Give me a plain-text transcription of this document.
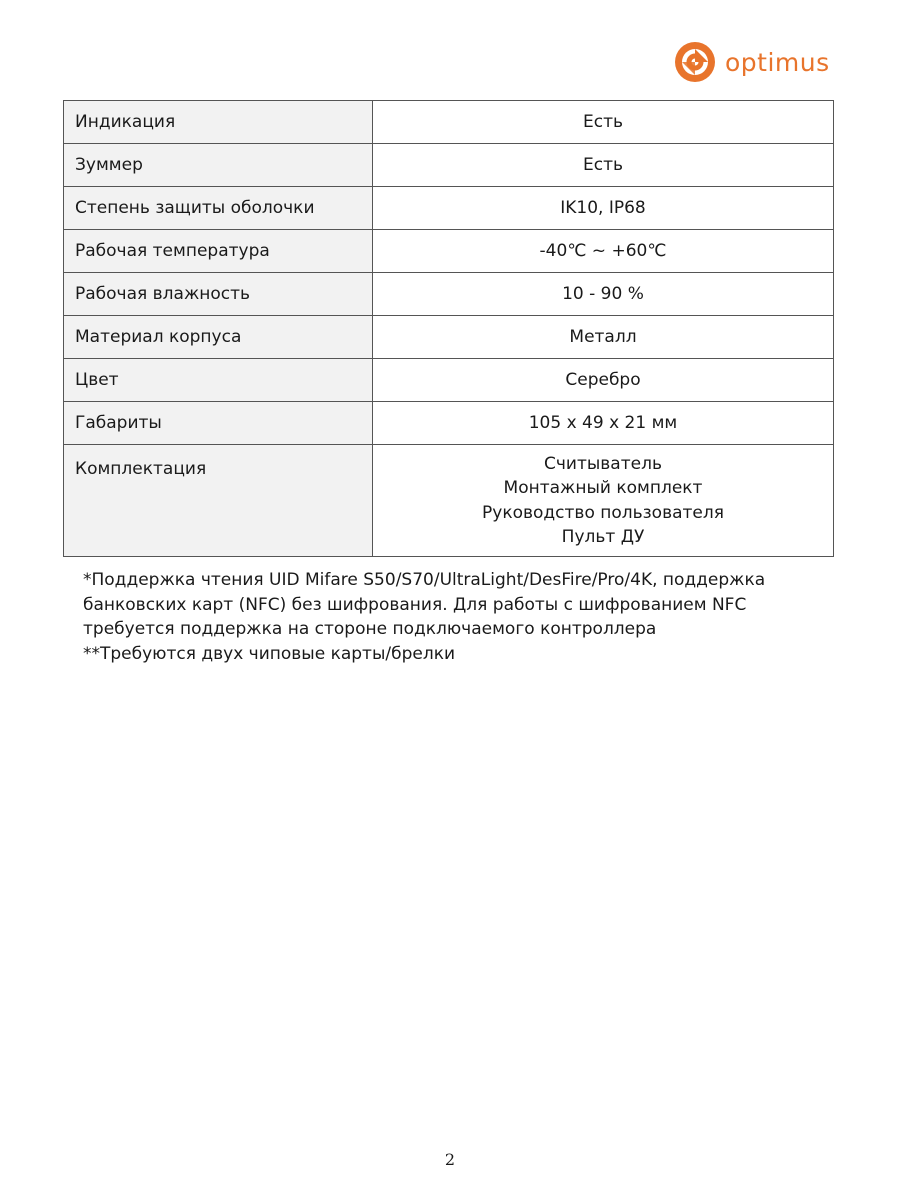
optimus
Индикация	Есть
Зуммер	Есть
Степень защиты оболочки	IK10, IP68
Рабочая температура	-40℃ ~ +60℃
Рабочая влажность	10 - 90 %
Материал корпуса	Металл
Цвет	Серебро
Габариты	105 x 49 x 21 мм
Комплектация	Считыватель
Монтажный комплект
Руководство пользователя
Пульт ДУ

*Поддержка чтения UID Mifare S50/S70/UltraLight/DesFire/Pro/4K, поддержка банковских карт (NFC) без шифрования. Для работы с шифрованием NFC требуется поддержка на стороне подключаемого контроллера

**Требуются двух чиповые карты/брелки

2
